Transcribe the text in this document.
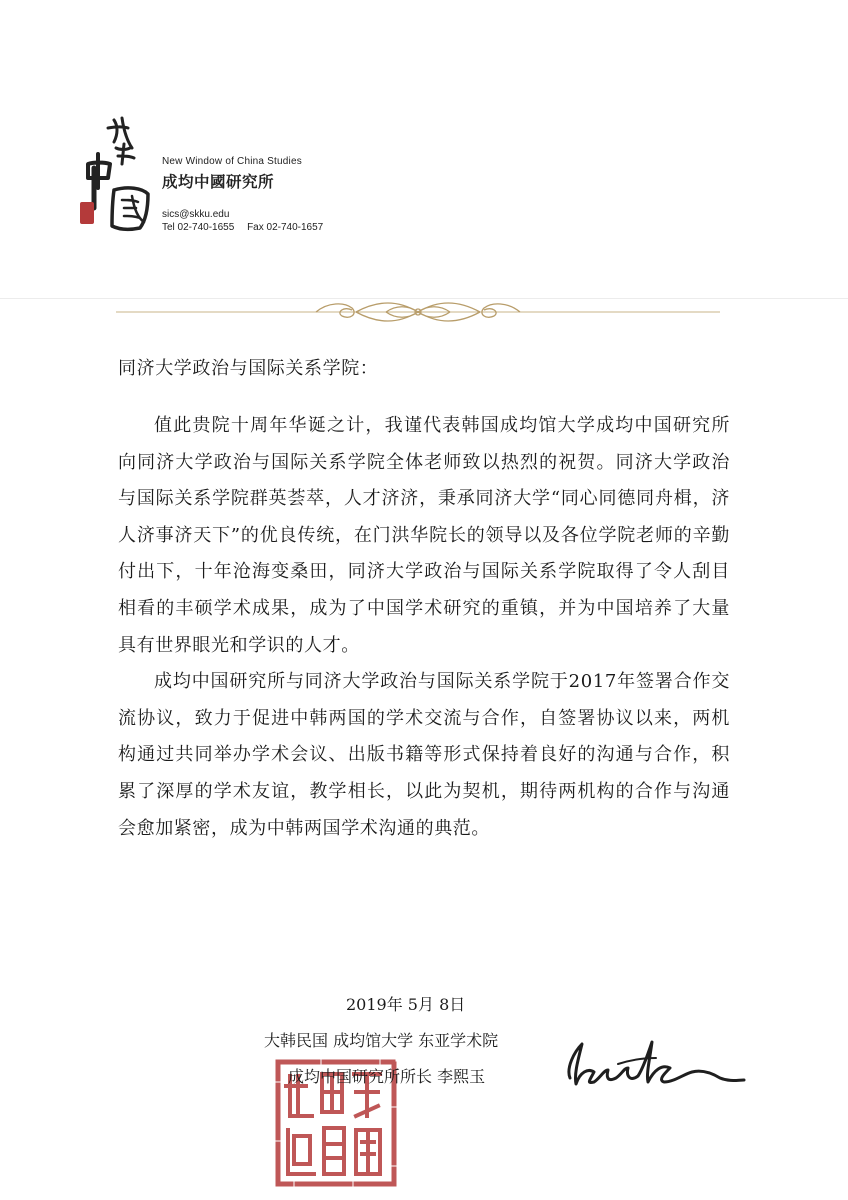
New Window of China Studies
成均中國研究所
sics@skku.edu
Tel 02-740-1655 Fax 02-740-1657
同济大学政治与国际关系学院：

值此贵院十周年华诞之计，我谨代表韩国成均馆大学成均中国研究所向同济大学政治与国际关系学院全体老师致以热烈的祝贺。同济大学政治与国际关系学院群英荟萃，人才济济，秉承同济大学“同心同德同舟楫，济人济事济天下”的优良传统，在门洪华院长的领导以及各位学院老师的辛勤付出下，十年沧海变桑田，同济大学政治与国际关系学院取得了令人刮目相看的丰硕学术成果，成为了中国学术研究的重镇，并为中国培养了大量具有世界眼光和学识的人才。

成均中国研究所与同济大学政治与国际关系学院于2017年签署合作交流协议，致力于促进中韩两国的学术交流与合作，自签署协议以来，两机构通过共同举办学术会议、出版书籍等形式保持着良好的沟通与合作，积累了深厚的学术友谊，教学相长，以此为契机，期待两机构的合作与沟通会愈加紧密，成为中韩两国学术沟通的典范。

2019年 5月 8日
大韩民国 成均馆大学 东亚学术院
成均中国研究所所长 李熙玉
